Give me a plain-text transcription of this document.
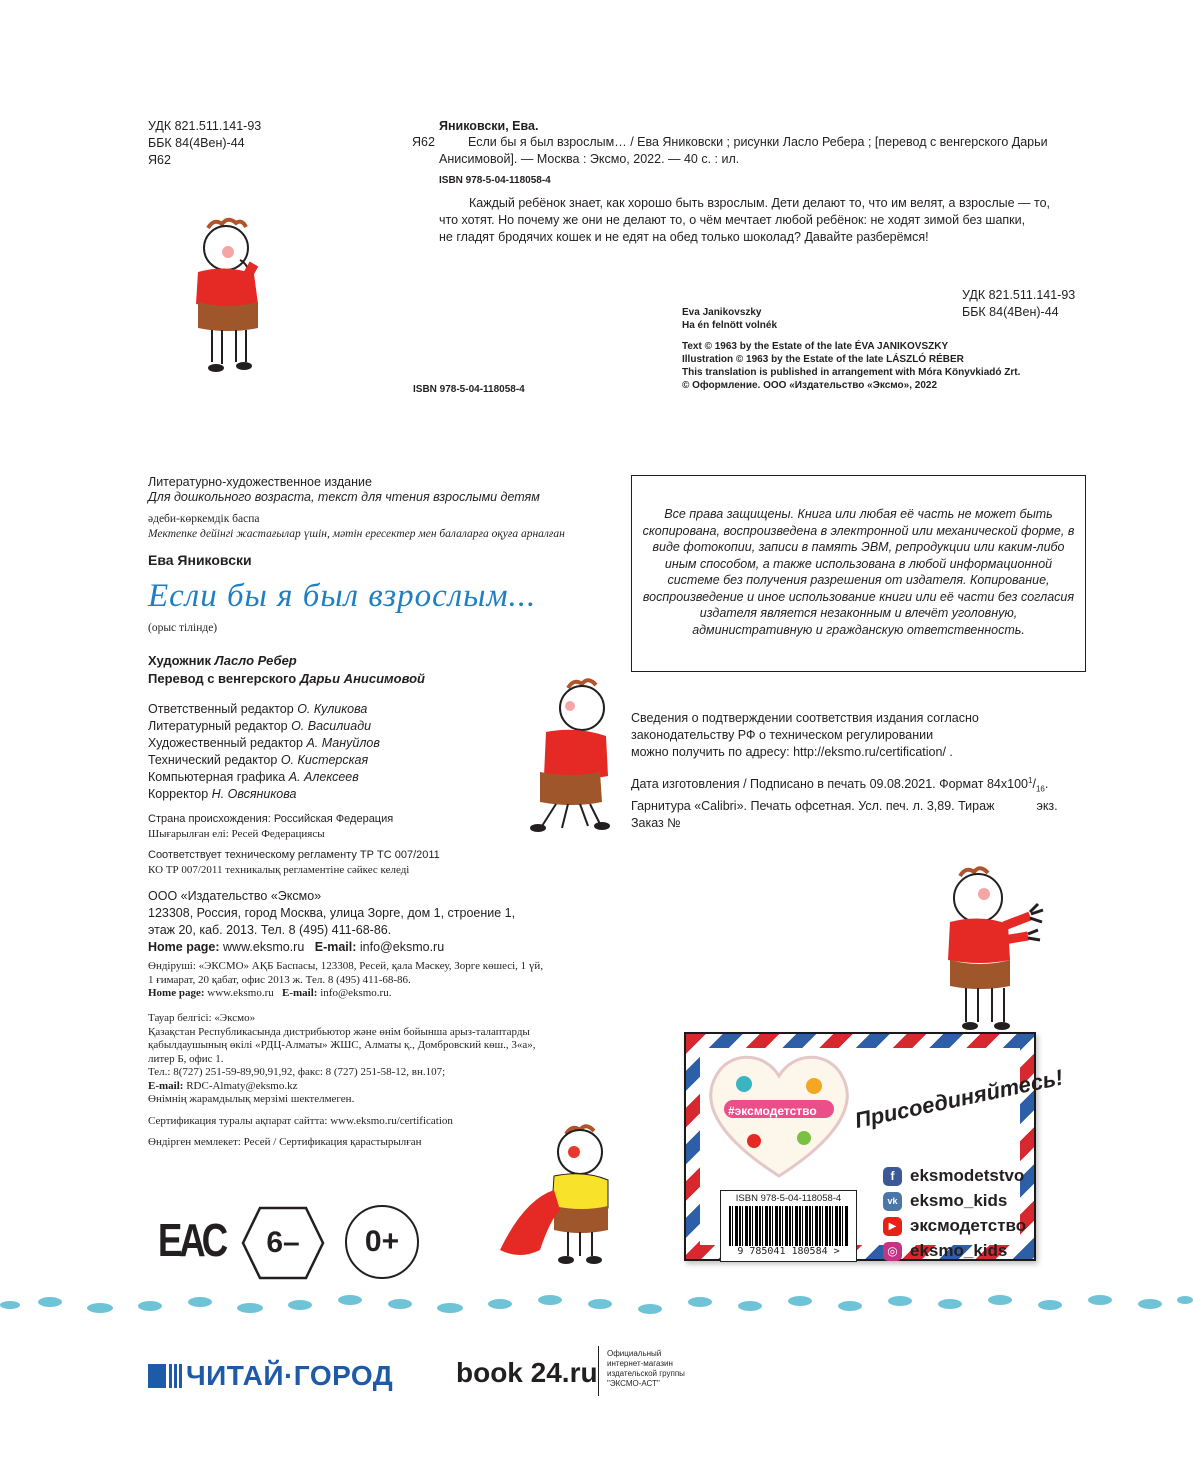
УДК 821.511.141-93
ББК 84(4Вен)-44
Я62
Яниковски, Ева.
Я62	Если бы я был взрослым… / Ева Яниковски ; рисунки Ласло Ребера ; [перевод с венгерского Дарьи
Анисимовой]. — Москва : Эксмо, 2022. — 40 с. : ил.
ISBN 978-5-04-118058-4
Каждый ребёнок знает, как хорошо быть взрослым. Дети делают то, что им велят, а взрослые — то,
что хотят. Но почему же они не делают то, о чём мечтает любой ребёнок: не ходят зимой без шапки,
не гладят бродячих кошек и не едят на обед только шоколад? Давайте разберёмся!
УДК 821.511.141-93
ББК 84(4Вен)-44
Eva Janikovszky
Ha én felnött volnék
Text © 1963 by the Estate of the late ÉVA JANIKOVSZKY
Illustration © 1963 by the Estate of the late LÁSZLÓ RÉBER
This translation is published in arrangement with Móra Könyvkiadó Zrt.
© Оформление. ООО «Издательство «Эксмо», 2022
ISBN 978-5-04-118058-4
Литературно-художественное издание
Для дошкольного возраста, текст для чтения взрослыми детям
әдеби-көркемдік баспа
Мектепке дейінгі жастағылар үшін, мәтін ересектер мен балаларға оқуға арналған
Ева Яниковски
Если бы я был взрослым...
(орыс тілінде)
Художник Ласло Ребер
Перевод с венгерского Дарьи Анисимовой
Ответственный редактор О. Куликова
Литературный редактор О. Василиади
Художественный редактор А. Мануйлов
Технический редактор О. Кистерская
Компьютерная графика А. Алексеев
Корректор Н. Овсяникова
Страна происхождения: Российская Федерация
Шығарылған елі: Ресей Федерациясы
Соответствует техническому регламенту ТР ТС 007/2011
КО ТР 007/2011 техникалық регламентіне сәйкес келеді
ООО «Издательство «Эксмо»
123308, Россия, город Москва, улица Зорге, дом 1, строение 1,
этаж 20, каб. 2013. Тел. 8 (495) 411-68-86.
Home page: www.eksmo.ru E-mail: info@eksmo.ru
Өндіруші: «ЭКСМО» АҚБ Баспасы, 123308, Ресей, қала Мәскеу, Зорге көшесі, 1 үй,
1 ғимарат, 20 қабат, офис 2013 ж. Тел. 8 (495) 411-68-86.
Home page: www.eksmo.ru E-mail: info@eksmo.ru.
Тауар белгісі: «Эксмо»
Қазақстан Республикасында дистрибьютор және өнім бойынша арыз-талаптарды
қабылдаушының өкілі «РДЦ-Алматы» ЖШС, Алматы қ., Домбровский көш., 3«а»,
литер Б, офис 1.
Тел.: 8(727) 251-59-89,90,91,92, факс: 8 (727) 251-58-12, вн.107;
E-mail: RDC-Almaty@eksmo.kz
Өнімнің жарамдылық мерзімі шектелмеген.
Сертификация туралы ақпарат сайтта: www.eksmo.ru/certification
Өндірген мемлекет: Ресей / Сертификация қарастырылған
Все права защищены. Книга или любая её часть не может быть скопирована, воспроизведена в электронной или механической форме, в виде фотокопии, записи в память ЭВМ, репродукции или каким-либо иным способом, а также использована в любой информационной системе без получения разрешения от издателя. Копирование, воспроизведение и иное использование книги или её части без согласия издателя является незаконным и влечёт уголовную, административную и гражданскую ответственность.
Сведения о подтверждении соответствия издания согласно
законодательству РФ о техническом регулировании
можно получить по адресу: http://eksmo.ru/certification/ .
Дата изготовления / Подписано в печать 09.08.2021. Формат $84х100^1/_{16}$.
Гарнитура «Calibri». Печать офсетная. Усл. печ. л. 3,89. Тираж	экз.
Заказ №
#эксмодетство Присоединяйтесь!
ISBN 978-5-04-118058-4
9 785041 180584 >
f eksmodetstvo
vk eksmo_kids
▶ эксмодетство
◎ eksmo_kids
ЕАС	6–	0+
ЧИТАЙ·ГОРОД book 24.ru
Официальный
интернет-магазин
издательской группы
"ЭКСМО-АСТ"
